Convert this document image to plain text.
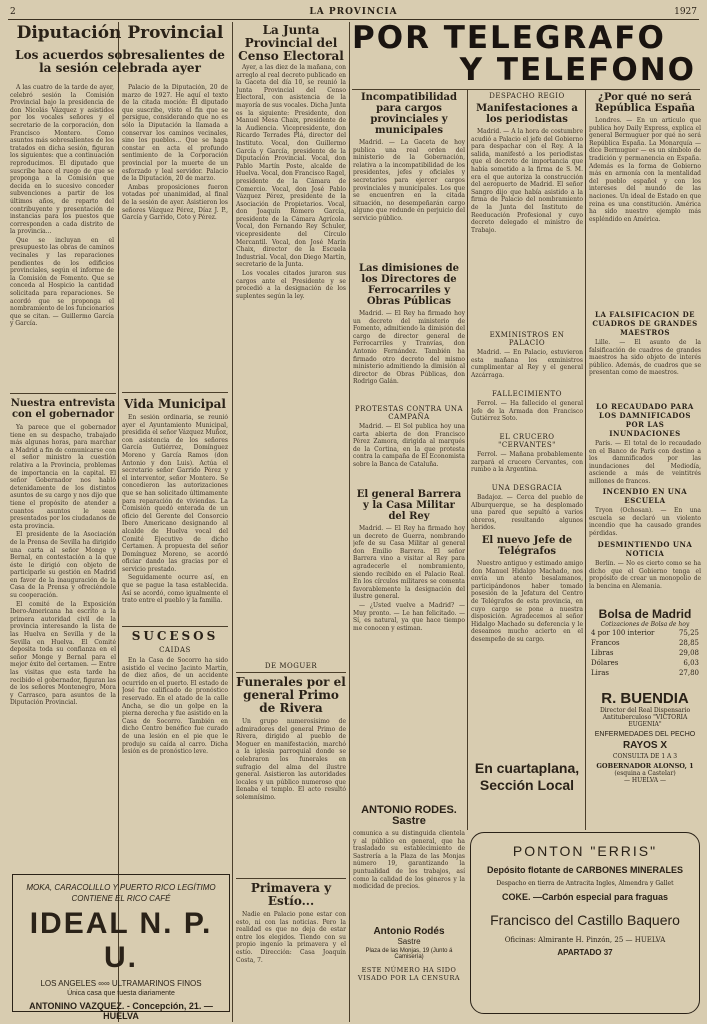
2	LA PROVINCIA	1927
Diputación Provincial
Los acuerdos sobresalientes de la sesión celebrada ayer

A las cuatro de la tarde de ayer, celebró sesión la Comisión Provincial bajo la presidencia de don Nicolás Vázquez y asistidos por los vocales señores y el secretario de la corporación, don Francisco Montero. Como asuntos más sobresalientes de los tratados en dicha sesión, figuran los siguientes: que a continuación reproducimos. El diputado que suscribe hace el ruego de que se proponga a la Comisión que decida en lo sucesivo conceder subvenciones a partir de los últimos años, de reparto del contribuyente y presentación de instancias para los puestos que corresponden a cada distrito de la provincia...

Que se incluyan en el presupuesto las obras de caminos vecinales y las reparaciones pendientes de los edificios provinciales, según el informe de la Comisión de Fomento. Que se conceda al Hospicio la cantidad solicitada para reparaciones. Se acordó que se proponga el nombramiento de los funcionarios que se citan. — Guillermo García y García.

Nuestra entrevista con el gobernador

Ya parece que el gobernador tiene en su despacho, trabajado más algunas horas, para marchar a Madrid a fin de comunicarse con el señor ministro la cuestión relativa a la Provincia, problemas de importancia en la capital. El señor Gobernador nos habló detenidamente de los distintos asuntos de su cargo y nos dijo que tiene el propósito de atender a cuantos asuntos le sean presentados por los ciudadanos de esta provincia.

El presidente de la Asociación de la Prensa de Sevilla ha dirigido una carta al señor Monge y Bernal, en contestación a la que éste le dirigió con objeto de participarle su gestión en Madrid en favor de la inauguración de la Casa de la Prensa y ofreciéndole su cooperación.

El comité de la Exposición Ibero-Americana ha escrito a la primera autoridad civil de la provincia interesando la lista de las Huelva en Sevilla y de la Sevilla en Huelva. El Comité deposita toda su confianza en el señor Monge y Bernal para el mejor éxito del certamen. — Entre las visitas que esta tarde ha recibido el gobernador, figuran las de los señores Montenegro, Mora y Carrasco, para asuntos de la Diputación Provincial.

Palacio de la Diputación, 20 de marzo de 1927. He aquí el texto de la citada moción: El diputado que suscribe, visto el fin que se persigue, considerando que no es sólo la Diputación la llamada a conservar los caminos vecinales, sino los pueblos... Que se haga constar en acta el profundo sentimiento de la Corporación provincial por la muerte de un esforzado y leal servidor. Palacio de la Diputación, 20 de marzo.

Ambas proposiciones fueron votadas por unanimidad, al final de la sesión de ayer. Asistieron los señores Vázquez Pérez, Díaz J. P., García y Garrido, Coto y Pérez.

Vida Municipal

En sesión ordinaria, se reunió ayer el Ayuntamiento Municipal, presidida el señor Vázquez Muñoz, con asistencia de los señores García Gutiérrez, Domínguez Moreno y García Ramos (don Antonio y don Luis). Actúa el secretario señor Garrido Pérez y el interventor, señor Montero. Se concedieron las autorizaciones que se han solicitado últimamente para reparación de viviendas. La Comisión quedó enterada de un oficio del Gerente del Consorcio Ibero Americano designando al alcalde de Huelva vocal del Comité Ejecutivo de dicho Certamen. A propuesta del señor Domínguez Moreno, se acordó oficiar dando las gracias por el servicio prestado.

Seguidamente ocurre así, en que se pague la tasa establecida. Así se acordó, como igualmente el trato entre el pueblo y la familia.

SUCESOS
CAIDAS

En la Casa de Socorro ha sido asistido el vecino Jacinto Martín, de diez años, de un accidente ocurrido en el puerto. El estado de José fue calificado de pronóstico reservado. En el atado de la calle Ancha, se dio un golpe en la pierna derecha y fue asistido en la Casa de Socorro. También en dicho Centro benéfico fue curado de una lesión en el pie que le produjo su caída al carro. Dicha lesión es de pronóstico leve.

MOKA, CARACOLILLO Y PUERTO RICO LEGÍTIMO
CONTIENE EL RICO CAFÉ
IDEAL N. P. U.
LOS ANGELES ∞∞ ULTRAMARINOS FINOS
Única casa que tuesta diariamente
ANTONINO VAZQUEZ. - Concepción, 21. — HUELVA
La Junta Provincial del Censo Electoral

Ayer, a las diez de la mañana, con arreglo al real decreto publicado en la Gaceta del día 10, se reunió la Junta Provincial del Censo Electoral, con asistencia de la mayoría de sus vocales. Dicha Junta es la siguiente: Presidente, don Manuel Mesa Chaix, presidente de la Audiencia. Vicepresidente, don Ricardo Terrades Plá, director del Instituto. Vocal, don Guillermo García y García, presidente de la Diputación Provincial. Vocal, don Pablo Martín Poste, alcalde de Huelva. Vocal, don Francisco Ragel, presidente de la Cámara de Comercio. Vocal, don José Pablo Vázquez Pérez, presidente de la Asociación de Propietarios. Vocal, don Joaquín Romero García, presidente de la Cámara Agrícola. Vocal, don Fernando Rey Schuler, vicepresidente del Círculo Mercantil. Vocal, don José Marín Chaix, director de la Escuela Industrial. Vocal, don Diego Martín, secretario de la Junta.

Los vocales citados juraron sus cargos ante el Presidente y se procedió a la designación de los suplentes según la ley.

DE MOGUER
Funerales por el general Primo de Rivera

Un grupo numerosísimo de admiradores del general Primo de Rivera, dirigido al pueblo de Moguer en manifestación, marchó a la iglesia parroquial donde se celebraron los funerales en sufragio del alma del ilustre general. Asistieron las autoridades locales y un público numeroso que llenaba el templo. El acto resultó solemnísimo.

Primavera y Estío...

Nadie en Palacio pone estar con esto, ni con las noticias. Pero la realidad es que no deja de estar entre los elegidos. Tiendo con su propio ingenio la primavera y el estío. Dirección: Casa Joaquín Costa, 7.

POR TELEGRAFO
Y TELEFONO
Incompatibilidad para cargos provinciales y municipales

Madrid. — La Gaceta de hoy publica una real orden del ministerio de la Gobernación, relativa a la incompatibilidad de los presidentes, jefes y oficiales y secretarios para ejercer cargos provinciales y municipales. Los que se encuentren en la citada situación, no desempeñarán cargo alguno que redunde en perjuicio del servicio público.

Las dimisiones de los Directores de Ferrocarriles y Obras Públicas

Madrid. — El Rey ha firmado hoy un decreto del ministerio de Fomento, admitiendo la dimisión del cargo de director general de Ferrocarriles y Tranvías, don Antonio Fernández. También ha firmado otro decreto del mismo ministerio admitiendo la dimisión al director de Obras Públicas, don Rodrigo Galán.

PROTESTAS CONTRA UNA CAMPAÑA

Madrid. — El Sol publica hoy una carta abierta de don Francisco Pérez Zamora, dirigida al marqués de la Cortina, en la que protesta contra la campaña de El Economista sobre la Banca de Cataluña.

El general Barrera y la Casa Militar del Rey

Madrid. — El Rey ha firmado hoy un decreto de Guerra, nombrando jefe de su Casa Militar al general don Emilio Barrera. El señor Barrera vino a visitar al Rey para agradecerle el nombramiento, siendo recibido en el Palacio Real. En los círculos militares se comenta favorablemente la designación del ilustre general.

— ¿Usted vuelve a Madrid? — Muy pronto. — Le han felicitado. — Sí, es natural, ya que hace tiempo me conocen y estiman.

ANTONIO RODES. Sastre
comunica a su distinguida clientela y al público en general, que ha trasladado su establecimiento de Sastrería a la Plaza de las Monjas número 19, garantizando la puntualidad de los trabajos, así como la calidad de los géneros y la modicidad de precios.
Antonio Rodés
Sastre
Plaza de las Monjas, 19 (Junto á Camisería)
ESTE NÚMERO HA SIDO VISADO POR LA CENSURA
DESPACHO REGIO
Manifestaciones a los periodistas

Madrid. — A la hora de costumbre acudió a Palacio el jefe del Gobierno para despachar con el Rey. A la salida, manifestó a los periodistas que el decreto de importancia que había sometido a la firma de S. M. era el que autoriza la construcción del aeropuerto de Madrid. El señor Sangro dijo que había asistido a la firma de Palacio del nombramiento de la Junta del Instituto de Reeducación Profesional y cuyo decreto delegado el ministro de Trabajo.

EXMINISTROS EN PALACIO

Madrid. — En Palacio, estuvieron esta mañana los exministros cumplimentar al Rey y el general Azcárraga.

FALLECIMIENTO

Ferrol. — Ha fallecido el general Jefe de la Armada don Francisco Gutiérrez Soto.

EL CRUCERO "CERVANTES"

Ferrol. — Mañana probablemente zarpará el crucero Cervantes, con rumbo a la Argentina.

UNA DESGRACIA

Badajoz. — Cerca del pueblo de Alburquerque, se ha desplomado una pared que sepultó a varios obreros, resultando algunos heridos.

El nuevo Jefe de Telégrafos

Nuestro antiguo y estimado amigo don Manuel Hidalgo Machado, nos envía un atento besalamanos, participándonos haber tomado posesión de la Jefatura del Centro de Telégrafos de esta provincia, en cuyo cargo se pone a nuestra disposición. Agradecemos al señor Hidalgo Machado su deferencia y le deseamos mucho acierto en el desempeño de su cargo.

En cuartaplana, Sección Local
¿Por qué no será República España

Londres. — En un artículo que publica hoy Daily Express, explica el general Bermuguer por qué no será República España. La Monarquía — dice Bermuguer — es un símbolo de tradición y permanencia en España. Además es la forma de Gobierno más en armonía con la mentalidad del pueblo español y con los intereses del mundo de las naciones. Un ideal de Estado en que reina es una constitución. América ha sido nuestro ejemplo más espléndido en América.

LA FALSIFICACION DE CUADROS DE GRANDES MAESTROS

Lille. — El asunto de la falsificación de cuadros de grandes maestros ha sido objeto de interés público. Además, de cuadros que se presentan como de maestros.

LO RECAUDADO PARA LOS DAMNIFICADOS POR LAS INUNDACIONES

París. — El total de lo recaudado en el Banco de París con destino a los damnificados por las inundaciones del Mediodía, asciende a más de veintitrés millones de francos.

INCENDIO EN UNA ESCUELA

Tryon (Ochosan). — En una escuela se declaró un violento incendio que ha causado grandes pérdidas.

DESMINTIENDO UNA NOTICIA

Berlín. — No es cierto como se ha dicho que el Gobierno tenga el propósito de crear un monopolio de la bencina en Alemania.

Bolsa de Madrid
Cotizaciones de Bolsa de hoy
4 por 100 interior	75,25
Francos	28,85
Libras	29,08
Dólares	6,03
Liras	27,80
R. BUENDIA
Director del Real Dispensario
Antituberculoso "VICTORIA EUGENIA"
ENFERMEDADES DEL PECHO
RAYOS X
CONSULTA DE 1 A 3
GOBERNADOR ALONSO, 1
(esquina a Castelar)
— HUELVA —
PONTON "ERRIS"
Depósito flotante de CARBONES MINERALES
Despacho en tierra de Antracita Ingles, Almendra y Gallet
COKE. —Carbón especial para fraguas
Francisco del Castillo Baquero
Oficinas: Almirante H. Pinzón, 25 — HUELVA
APARTADO 37
